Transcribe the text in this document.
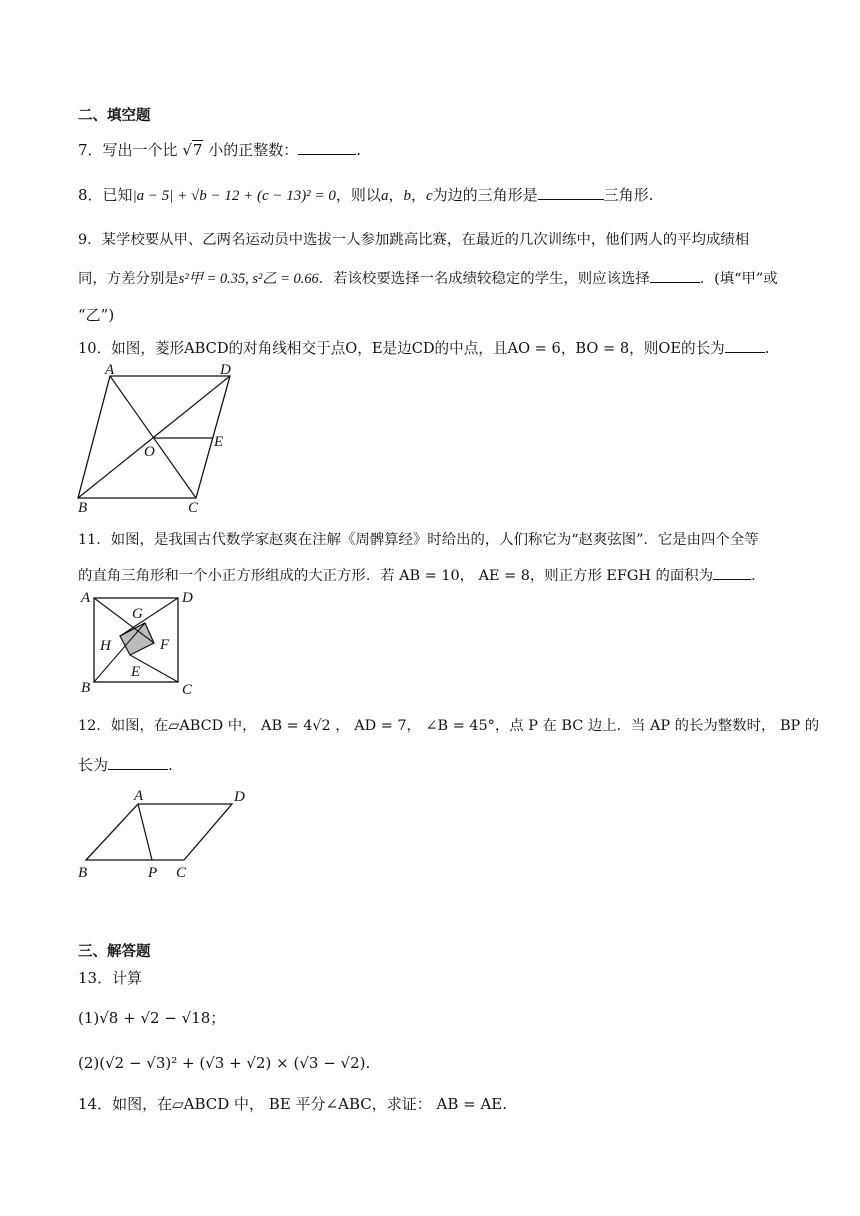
二、填空题
7．写出一个比 √7 小的正整数：	.
8．已知|a − 5| + √b − 12 + (c − 13)² = 0，则以a，b，c为边的三角形是	三角形.
9．某学校要从甲、乙两名运动员中选拔一人参加跳高比赛，在最近的几次训练中，他们两人的平均成绩相
同，方差分别是s²甲 = 0.35, s²乙 = 0.66．若该校要选择一名成绩较稳定的学生，则应该选择	．(填“甲”或
“乙”)
10．如图，菱形ABCD的对角线相交于点O，E是边CD的中点，且AO = 6，BO = 8，则OE的长为	.
A	D
E
O
B	C
11．如图，是我国古代数学家赵爽在注解《周髀算经》时给出的，人们称它为“赵爽弦图”．它是由四个全等
的直角三角形和一个小正方形组成的大正方形．若 AB = 10， AE = 8，则正方形 EFGH 的面积为	.
A	D
B	C
G
F
H
E
12．如图，在▱ABCD 中， AB = 4√2 ， AD = 7， ∠B = 45°，点 P 在 BC 边上．当 AP 的长为整数时， BP 的
长为	.
A	D
B	P C
三、解答题
13．计算
(1)√8 + √2 − √18；
(2)(√2 − √3)² + (√3 + √2) × (√3 − √2).
14．如图，在▱ABCD 中， BE 平分∠ABC，求证： AB = AE.
